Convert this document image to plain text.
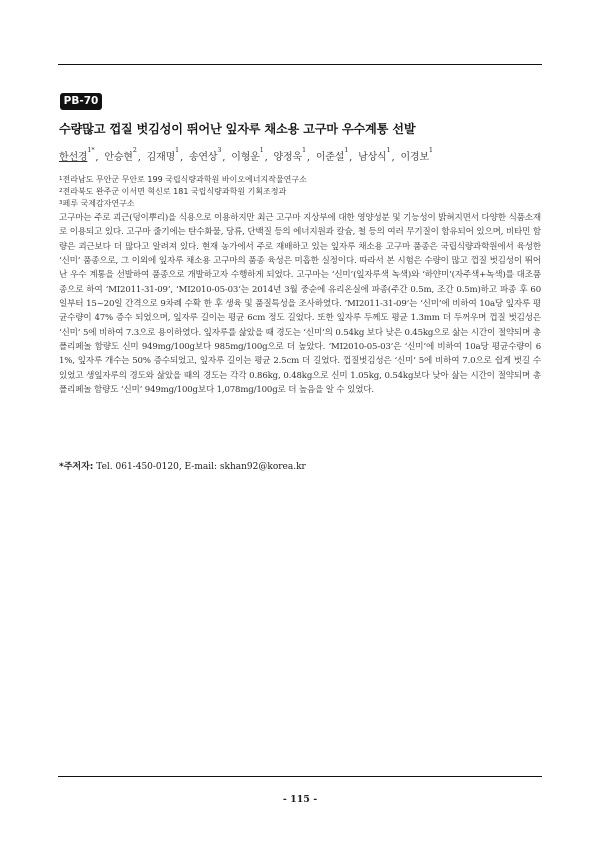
PB-70
수량많고 껍질 벗김성이 뛰어난 잎자루 채소용 고구마 우수계통 선발
한선경$^{1*}$, 안승현$^2$, 김재명$^1$, 송연상$^3$, 이형운$^1$, 양정욱$^1$, 이준설$^1$, 남상식$^1$, 이경보$^1$
$^1$전라남도 무안군 무안로 199 국립식량과학원 바이오에너지작물연구소
$^2$전라북도 완주군 이서면 혁신로 181 국립식량과학원 기획조정과
$^3$페루 국제감자연구소

고구마는 주로 괴근(덩이뿌리)을 식용으로 이용하지만 최근 고구마 지상부에 대한 영양성분 및 기능성이 밝혀지면서 다양한 식품소재로 이용되고 있다. 고구마 줄기에는 탄수화물, 당류, 단백질 등의 에너지원과 칼슘, 철 등의 여러 무기질이 함유되어 있으며, 비타민 함량은 괴근보다 더 많다고 알려져 있다. 현재 농가에서 주로 재배하고 있는 잎자루 채소용 고구마 품종은 국립식량과학원에서 육성한 ‘신미’ 품종으로, 그 이외에 잎자루 채소용 고구마의 품종 육성은 미흡한 실정이다. 따라서 본 시험은 수량이 많고 껍질 벗김성이 뛰어난 우수 계통을 선발하여 품종으로 개발하고자 수행하게 되었다. 고구마는 ‘신미’(잎자루색 녹색)와 ‘하얀미’(자주색+녹색)를 대조품종으로 하여 ‘MI2011-31-09’, ‘MI2010-05-03’는 2014년 3월 중순에 유리온실에 파종(주간 0.5m, 조간 0.5m)하고 파종 후 60일부터 15~20일 간격으로 9차례 수확 한 후 생육 및 품질특성을 조사하였다. ‘MI2011-31-09’는 ‘신미’에 비하여 10a당 잎자루 평균수량이 47% 증수 되었으며, 잎자루 길이는 평균 6cm 정도 길었다. 또한 잎자루 두께도 평균 1.3mm 더 두꺼우며 껍질 벗김성은 ‘신미’ 5에 비하여 7.3으로 용이하였다. 잎자루를 삶았을 때 경도는 ‘신미’의 0.54kg 보다 낮은 0.45kg으로 삶는 시간이 절약되며 총폴리페놀 함량도 신미 949mg/100g보다 985mg/100g으로 더 높았다. ‘MI2010-05-03’은 ‘신미’에 비하여 10a당 평균수량이 61%, 잎자루 개수는 50% 증수되었고, 잎자루 길이는 평균 2.5cm 더 길었다. 껍질벗김성은 ‘신미’ 5에 비하여 7.0으로 쉽게 벗길 수 있었고 생잎자루의 경도와 삶았을 때의 경도는 각각 0.86kg, 0.48kg으로 신미 1.05kg, 0.54kg보다 낮아 삶는 시간이 절약되며 총폴리페놀 함량도 ‘신미’ 949mg/100g보다 1,078mg/100g로 더 높음을 알 수 있었다.

*주저자: Tel. 061-450-0120, E-mail: skhan92@korea.kr
- 115 -
